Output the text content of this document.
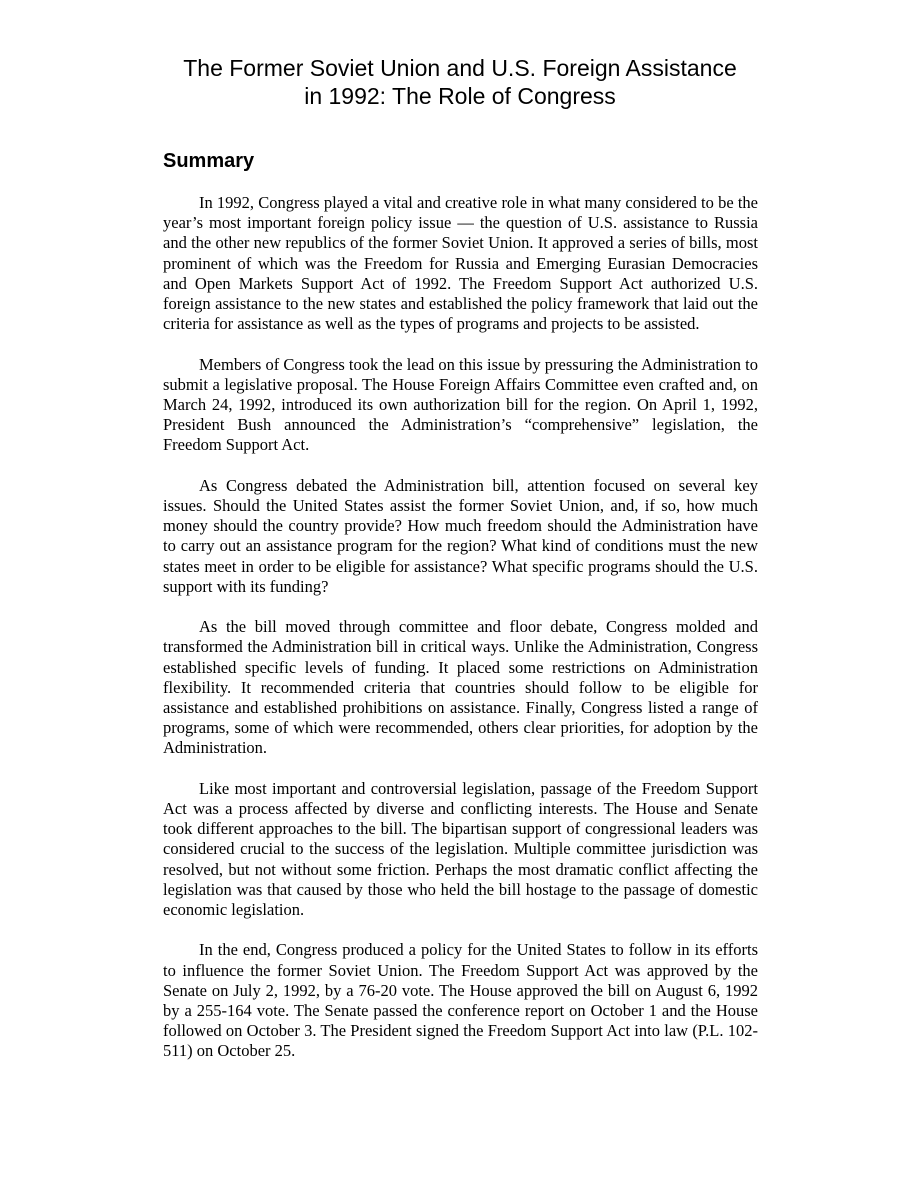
The Former Soviet Union and U.S. Foreign Assistance
in 1992: The Role of Congress
Summary

In 1992, Congress played a vital and creative role in what many considered to be the year’s most important foreign policy issue — the question of U.S. assistance to Russia and the other new republics of the former Soviet Union. It approved a series of bills, most prominent of which was the Freedom for Russia and Emerging Eurasian Democracies and Open Markets Support Act of 1992. The Freedom Support Act authorized U.S. foreign assistance to the new states and established the policy framework that laid out the criteria for assistance as well as the types of programs and projects to be assisted.

Members of Congress took the lead on this issue by pressuring the Administration to submit a legislative proposal. The House Foreign Affairs Committee even crafted and, on March 24, 1992, introduced its own authorization bill for the region. On April 1, 1992, President Bush announced the Administration’s “comprehensive” legislation, the Freedom Support Act.

As Congress debated the Administration bill, attention focused on several key issues. Should the United States assist the former Soviet Union, and, if so, how much money should the country provide? How much freedom should the Administration have to carry out an assistance program for the region? What kind of conditions must the new states meet in order to be eligible for assistance? What specific programs should the U.S. support with its funding?

As the bill moved through committee and floor debate, Congress molded and transformed the Administration bill in critical ways. Unlike the Administration, Congress established specific levels of funding. It placed some restrictions on Administration flexibility. It recommended criteria that countries should follow to be eligible for assistance and established prohibitions on assistance. Finally, Congress listed a range of programs, some of which were recommended, others clear priorities, for adoption by the Administration.

Like most important and controversial legislation, passage of the Freedom Support Act was a process affected by diverse and conflicting interests. The House and Senate took different approaches to the bill. The bipartisan support of congressional leaders was considered crucial to the success of the legislation. Multiple committee jurisdiction was resolved, but not without some friction. Perhaps the most dramatic conflict affecting the legislation was that caused by those who held the bill hostage to the passage of domestic economic legislation.

In the end, Congress produced a policy for the United States to follow in its efforts to influence the former Soviet Union. The Freedom Support Act was approved by the Senate on July 2, 1992, by a 76-20 vote. The House approved the bill on August 6, 1992 by a 255-164 vote. The Senate passed the conference report on October 1 and the House followed on October 3. The President signed the Freedom Support Act into law (P.L. 102-511) on October 25.
